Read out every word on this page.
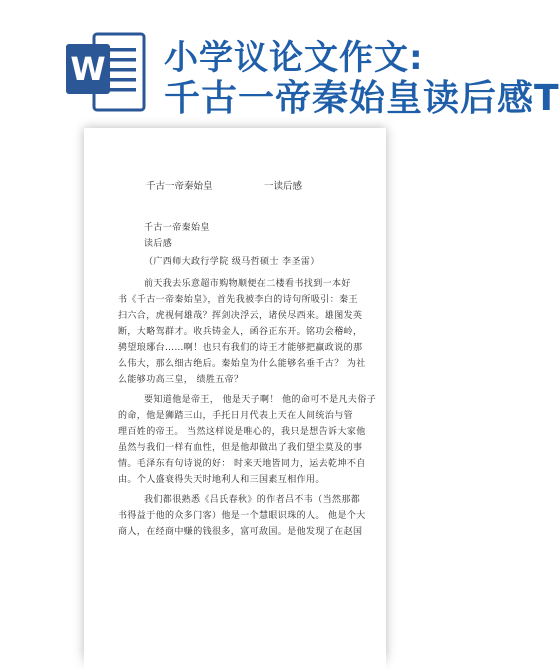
W 小学议论文作文:
千古一帝秦始皇读后感T
千古一帝秦始皇	一读后感
千古一帝秦始皇
读后感
（广西师大政行学院 级马哲硕士 李圣雷）
前天我去乐意超市购物顺便在二楼看书找到一本好
书《千古一帝秦始皇》，首先我被李白的诗句所吸引：秦王
扫六合，虎视何雄哉？挥剑决浮云，诸侯尽西来。雄图发英
断，大略驾群才。收兵铸金人，函谷正东开。铭功会稽岭，
骋望琅琊台……啊！也只有我们的诗王才能够把赢政说的那
么伟大，那么细古绝后。秦始皇为什么能够名垂千古？ 为社
么能够功高三皇， 绩胜五帝？
要知道他是帝王， 他是天子啊！ 他的命可不是凡夫俗子
的命，他是狮踏三山，手托日月代表上天在人间统治与管
理百姓的帝王。 当然这样说是唯心的，我只是想告诉大家他
虽然与我们一样有血性，但是他却做出了我们望尘莫及的事
情。毛泽东有句诗说的好： 时来天地皆同力，运去乾坤不自
由。个人盛衰得失天时地利人和三国素互相作用。
我们都很熟悉《吕氏春秋》的作者吕不韦（当然那都
书得益于他的众多门客）他是一个慧眼识珠的人。 他是个大
商人，在经商中赚的钱很多，富可敌国。是他发现了在赵国
